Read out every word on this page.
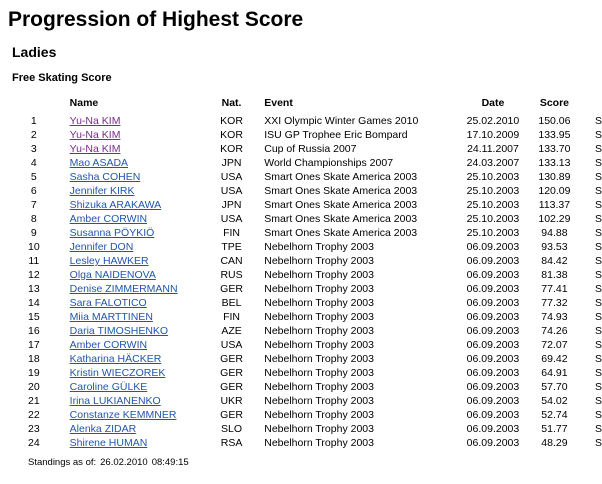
Progression of Highest Score
Ladies
Free Skating Score
	Name	Nat.	Event	Date	Score	
1	Yu-Na KIM	KOR	XXI Olympic Winter Games 2010	25.02.2010	150.06	S
2	Yu-Na KIM	KOR	ISU GP Trophee Eric Bompard	17.10.2009	133.95	S
3	Yu-Na KIM	KOR	Cup of Russia 2007	24.11.2007	133.70	S
4	Mao ASADA	JPN	World Championships 2007	24.03.2007	133.13	S
5	Sasha COHEN	USA	Smart Ones Skate America 2003	25.10.2003	130.89	S
6	Jennifer KIRK	USA	Smart Ones Skate America 2003	25.10.2003	120.09	S
7	Shizuka ARAKAWA	JPN	Smart Ones Skate America 2003	25.10.2003	113.37	S
8	Amber CORWIN	USA	Smart Ones Skate America 2003	25.10.2003	102.29	S
9	Susanna PÖYKIÖ	FIN	Smart Ones Skate America 2003	25.10.2003	94.88	S
10	Jennifer DON	TPE	Nebelhorn Trophy 2003	06.09.2003	93.53	S
11	Lesley HAWKER	CAN	Nebelhorn Trophy 2003	06.09.2003	84.42	S
12	Olga NAIDENOVA	RUS	Nebelhorn Trophy 2003	06.09.2003	81.38	S
13	Denise ZIMMERMANN	GER	Nebelhorn Trophy 2003	06.09.2003	77.41	S
14	Sara FALOTICO	BEL	Nebelhorn Trophy 2003	06.09.2003	77.32	S
15	Miia MARTTINEN	FIN	Nebelhorn Trophy 2003	06.09.2003	74.93	S
16	Daria TIMOSHENKO	AZE	Nebelhorn Trophy 2003	06.09.2003	74.26	S
17	Amber CORWIN	USA	Nebelhorn Trophy 2003	06.09.2003	72.07	S
18	Katharina HÄCKER	GER	Nebelhorn Trophy 2003	06.09.2003	69.42	S
19	Kristin WIECZOREK	GER	Nebelhorn Trophy 2003	06.09.2003	64.91	S
20	Caroline GÜLKE	GER	Nebelhorn Trophy 2003	06.09.2003	57.70	S
21	Irina LUKIANENKO	UKR	Nebelhorn Trophy 2003	06.09.2003	54.02	S
22	Constanze KEMMNER	GER	Nebelhorn Trophy 2003	06.09.2003	52.74	S
23	Alenka ZIDAR	SLO	Nebelhorn Trophy 2003	06.09.2003	51.77	S
24	Shirene HUMAN	RSA	Nebelhorn Trophy 2003	06.09.2003	48.29	S

Standings as of: 26.02.2010 08:49:15
